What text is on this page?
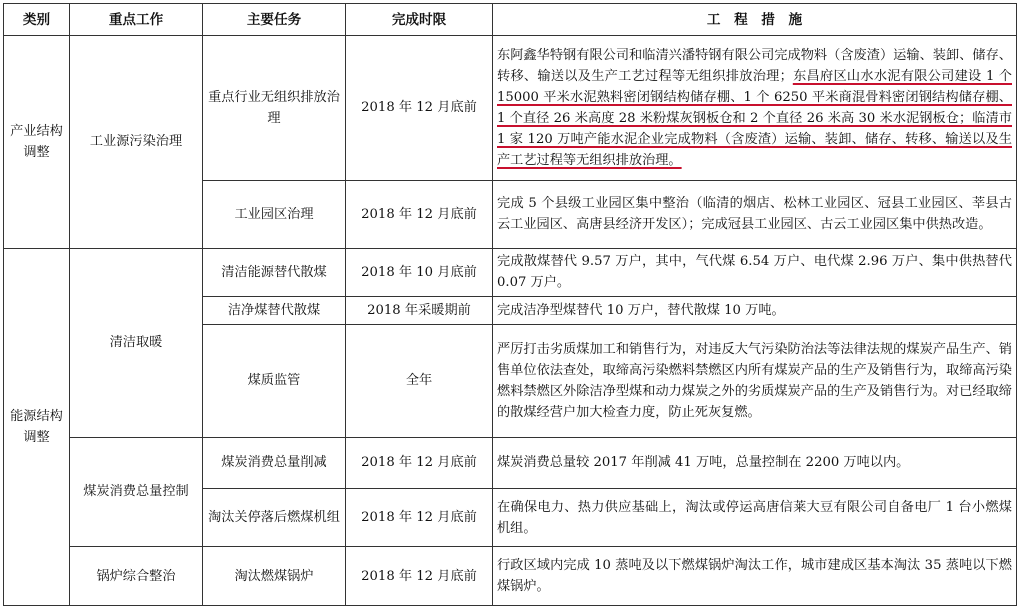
类别	重点工作	主要任务	完成时限	工　程　措　施
产业结构调整	工业源污染治理	重点行业无组织排放治理	2018 年 12 月底前	东阿鑫华特钢有限公司和临清兴潘特钢有限公司完成物料（含废渣）运输、装卸、储存、转移、输送以及生产工艺过程等无组织排放治理；东昌府区山水水泥有限公司建设 1 个 15000 平米水泥熟料密闭钢结构储存棚、1 个 6250 平米商混骨料密闭钢结构储存棚、1 个直径 26 米高度 28 米粉煤灰钢板仓和 2 个直径 26 米高 30 米水泥钢板仓；临清市 1 家 120 万吨产能水泥企业完成物料（含废渣）运输、装卸、储存、转移、输送以及生产工艺过程等无组织排放治理。
		工业园区治理	2018 年 12 月底前	完成 5 个县级工业园区集中整治（临清的烟店、松林工业园区、冠县工业园区、莘县古云工业园区、高唐县经济开发区）；完成冠县工业园区、古云工业园区集中供热改造。
能源结构调整	清洁取暖	清洁能源替代散煤	2018 年 10 月底前	完成散煤替代 9.57 万户，其中，气代煤 6.54 万户、电代煤 2.96 万户、集中供热替代 0.07 万户。
		洁净煤替代散煤	2018 年采暖期前	完成洁净型煤替代 10 万户，替代散煤 10 万吨。
		煤质监管	全年	严厉打击劣质煤加工和销售行为，对违反大气污染防治法等法律法规的煤炭产品生产、销售单位依法查处，取缔高污染燃料禁燃区内所有煤炭产品的生产及销售行为，取缔高污染燃料禁燃区外除洁净型煤和动力煤炭之外的劣质煤炭产品的生产及销售行为。对已经取缔的散煤经营户加大检查力度，防止死灰复燃。
	煤炭消费总量控制	煤炭消费总量削减	2018 年 12 月底前	煤炭消费总量较 2017 年削减 41 万吨，总量控制在 2200 万吨以内。
		淘汰关停落后燃煤机组	2018 年 12 月底前	在确保电力、热力供应基础上，淘汰或停运高唐信莱大豆有限公司自备电厂 1 台小燃煤机组。
	锅炉综合整治	淘汰燃煤锅炉	2018 年 12 月底前	行政区域内完成 10 蒸吨及以下燃煤锅炉淘汰工作，城市建成区基本淘汰 35 蒸吨以下燃煤锅炉。
